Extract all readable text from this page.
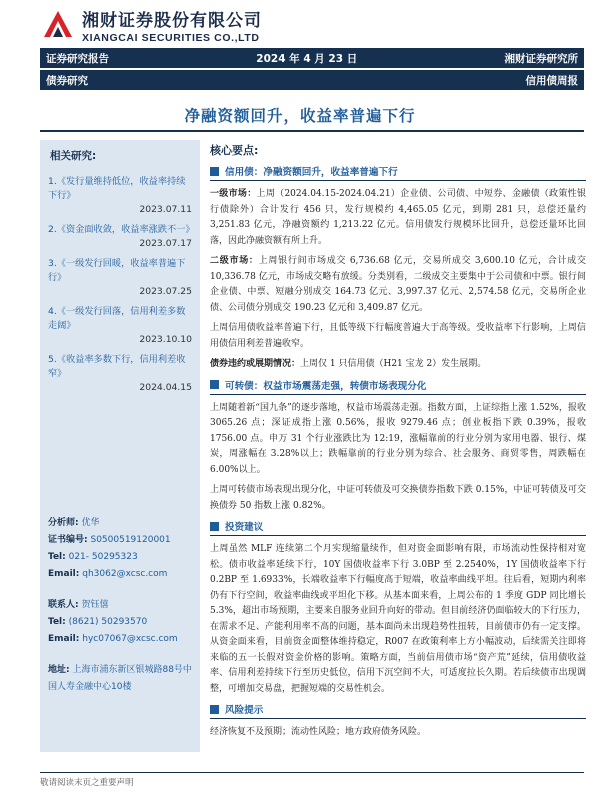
湘财证券股份有限公司
XIANGCAI SECURITIES CO.,LTD
证券研究报告	2024 年 4 月 23 日	湘财证券研究所
债券研究	信用债周报
净融资额回升，收益率普遍下行
相关研究:
1.《发行量维持低位，收益率持续下行》
2023.07.11
2.《资金面收敛，收益率涨跌不一》
2023.07.17
3.《一级发行回暖，收益率普遍下行》
2023.07.25
4.《一级发行回落，信用利差多数走阔》
2023.10.10
5.《收益率多数下行，信用利差收窄》
2024.04.15
分析师: 优华
证书编号: S0500519120001
Tel: 021- 50295323
Email: qh3062@xcsc.com
联系人: 贺钰僖
Tel: (8621) 50293570
Email: hyc07067@xcsc.com
地址: 上海市浦东新区银城路88号中国人寿金融中心10楼
核心要点:
信用债：净融资额回升，收益率普遍下行

一级市场：上周（2024.04.15-2024.04.21）企业债、公司债、中短券、金融债（政策性银行债除外）合计发行 456 只，发行规模约 4,465.05 亿元，到期 281 只，总偿还量约 3,251.83 亿元，净融资额约 1,213.22 亿元。信用债发行规模环比回升，总偿还量环比回落，因此净融资额有所上升。

二级市场：上周银行间市场成交 6,736.68 亿元，交易所成交 3,600.10 亿元，合计成交 10,336.78 亿元，市场成交略有放缓。分类别看，二级成交主要集中于公司债和中票。银行间企业债、中票、短融分别成交 164.73 亿元、3,997.37 亿元、2,574.58 亿元，交易所企业债、公司债分别成交 190.23 亿元和 3,409.87 亿元。

上周信用债收益率普遍下行，且低等级下行幅度普遍大于高等级。受收益率下行影响，上周信用债信用利差普遍收窄。

债券违约或展期情况：上周仅 1 只信用债（H21 宝龙 2）发生展期。

可转债：权益市场震荡走强，转债市场表现分化

上周随着新“国九条”的逐步落地，权益市场震荡走强。指数方面，上证综指上涨 1.52%，报收 3065.26 点；深证成指上涨 0.56%，报收 9279.46 点；创业板指下跌 0.39%，报收 1756.00 点。申万 31 个行业涨跌比为 12:19，涨幅靠前的行业分别为家用电器、银行、煤炭，周涨幅在 3.28%以上；跌幅靠前的行业分别为综合、社会服务、商贸零售，周跌幅在 6.00%以上。

上周可转债市场表现出现分化，中证可转债及可交换债券指数下跌 0.15%，中证可转债及可交换债券 50 指数上涨 0.82%。

投资建议

上周虽然 MLF 连续第二个月实现缩量续作，但对资金面影响有限，市场流动性保持相对宽松。债市收益率延续下行，10Y 国债收益率下行 3.0BP 至 2.2540%，1Y 国债收益率下行 0.2BP 至 1.6933%，长端收益率下行幅度高于短端，收益率曲线平坦。往后看，短期内利率仍有下行空间，收益率曲线或平坦化下移。从基本面来看，上周公布的 1 季度 GDP 同比增长 5.3%，超出市场预期，主要来自服务业回升向好的带动。但目前经济仍面临较大的下行压力，在需求不足、产能利用率不高的问题，基本面尚未出现趋势性扭转，目前债市仍有一定支撑。从资金面来看，目前资金面整体维持稳定，R007 在政策利率上方小幅波动，后续需关注即将来临的五一长假对资金价格的影响。策略方面，当前信用债市场“资产荒”延续，信用债收益率、信用利差持续下行至历史低位，信用下沉空间不大，可适度拉长久期。若后续债市出现调整，可增加交易盘，把握短端的交易性机会。

风险提示

经济恢复不及预期；流动性风险；地方政府债务风险。

敬请阅读末页之重要声明
